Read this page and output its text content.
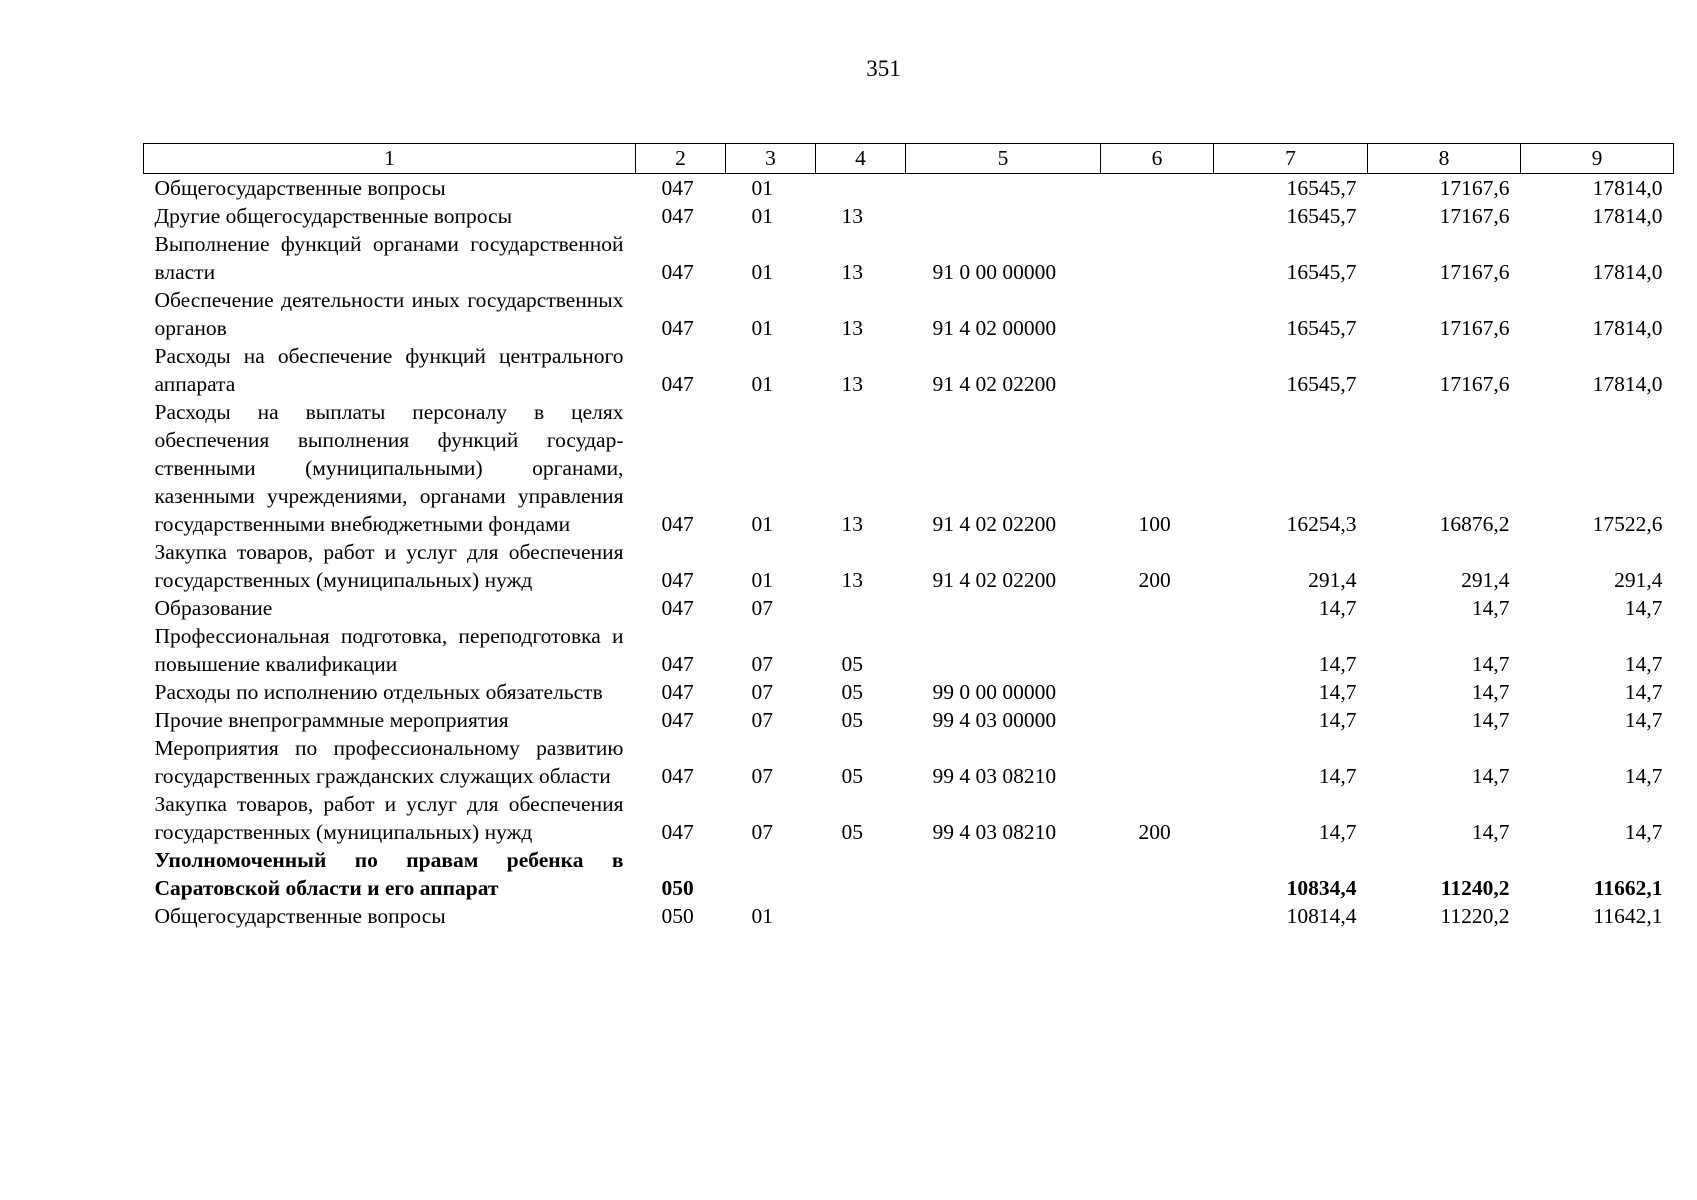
351
1	2	3	4	5	6	7	8	9
Общегосударственные вопросы	047	01				16545,7	17167,6	17814,0
Другие общегосударственные вопросы	047	01	13			16545,7	17167,6	17814,0
Выполнение функций органами государственной власти	047	01	13	91 0 00 00000		16545,7	17167,6	17814,0
Обеспечение деятельности иных государственных органов	047	01	13	91 4 02 00000		16545,7	17167,6	17814,0
Расходы на обеспечение функций центрального аппарата	047	01	13	91 4 02 02200		16545,7	17167,6	17814,0
Расходы на выплаты персоналу в целях обеспечения выполнения функций государственными (муниципальными) органами, казенными учреждениями, органами управления государственными внебюджетными фондами	047	01	13	91 4 02 02200	100	16254,3	16876,2	17522,6
Закупка товаров, работ и услуг для обеспечения государственных (муниципальных) нужд	047	01	13	91 4 02 02200	200	291,4	291,4	291,4
Образование	047	07				14,7	14,7	14,7
Профессиональная подготовка, переподготовка и повышение квалификации	047	07	05			14,7	14,7	14,7
Расходы по исполнению отдельных обязательств	047	07	05	99 0 00 00000		14,7	14,7	14,7
Прочие внепрограммные мероприятия	047	07	05	99 4 03 00000		14,7	14,7	14,7
Мероприятия по профессиональному развитию государственных гражданских служащих области	047	07	05	99 4 03 08210		14,7	14,7	14,7
Закупка товаров, работ и услуг для обеспечения государственных (муниципальных) нужд	047	07	05	99 4 03 08210	200	14,7	14,7	14,7
Уполномоченный по правам ребенка в Саратовской области и его аппарат	050					10834,4	11240,2	11662,1
Общегосударственные вопросы	050	01				10814,4	11220,2	11642,1
